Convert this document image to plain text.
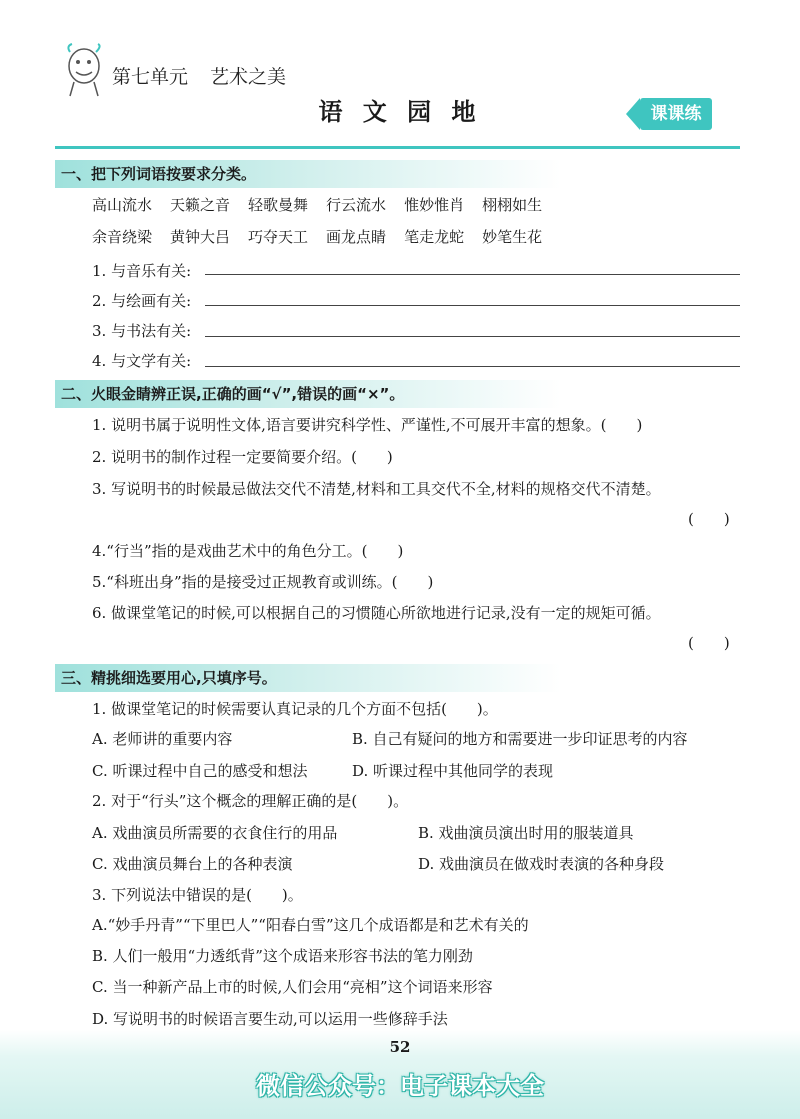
第七单元 艺术之美
语 文 园 地	课课练
一、把下列词语按要求分类。
高山流水 天籁之音 轻歌曼舞 行云流水 惟妙惟肖 栩栩如生
余音绕梁 黄钟大吕 巧夺天工 画龙点睛 笔走龙蛇 妙笔生花
1. 与音乐有关:
2. 与绘画有关:
3. 与书法有关:
4. 与文学有关:
二、火眼金睛辨正误,正确的画“√”,错误的画“×”。
1. 说明书属于说明性文体,语言要讲究科学性、严谨性,不可展开丰富的想象。(　　)
2. 说明书的制作过程一定要简要介绍。(　　)
3. 写说明书的时候最忌做法交代不清楚,材料和工具交代不全,材料的规格交代不清楚。
(　　)
4.“行当”指的是戏曲艺术中的角色分工。(　　)
5.“科班出身”指的是接受过正规教育或训练。(　　)
6. 做课堂笔记的时候,可以根据自己的习惯随心所欲地进行记录,没有一定的规矩可循。
(　　)
三、精挑细选要用心,只填序号。
1. 做课堂笔记的时候需要认真记录的几个方面不包括(　　)。
A. 老师讲的重要内容	B. 自己有疑问的地方和需要进一步印证思考的内容
C. 听课过程中自己的感受和想法	D. 听课过程中其他同学的表现
2. 对于“行头”这个概念的理解正确的是(　　)。
A. 戏曲演员所需要的衣食住行的用品	B. 戏曲演员演出时用的服装道具
C. 戏曲演员舞台上的各种表演	D. 戏曲演员在做戏时表演的各种身段
3. 下列说法中错误的是(　　)。
A.“妙手丹青”“下里巴人”“阳春白雪”这几个成语都是和艺术有关的
B. 人们一般用“力透纸背”这个成语来形容书法的笔力刚劲
C. 当一种新产品上市的时候,人们会用“亮相”这个词语来形容
D. 写说明书的时候语言要生动,可以运用一些修辞手法
52
微信公众号：电子课本大全
